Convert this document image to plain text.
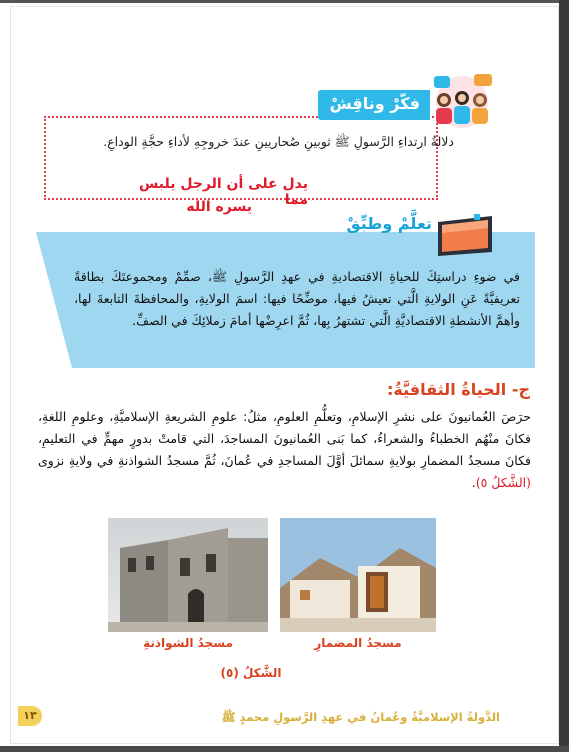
فكّرْ وناقِشْ
دلالةُ ارتداءِ الرَّسولِ ﷺ ثوبينِ صُحاريينِ عندَ خروجِهِ لأداءِ حجَّةِ الوداعِ.
يدل على أن الرجل يلبس مما
يسره الله
تعلَّمْ وطبِّقْ
في ضوءِ دراستِكَ للحياةِ الاقتصاديةِ في عهدِ الرَّسولِ ﷺ، صمِّمْ ومجموعتَكَ بطاقةً تعريفيَّةً عَنِ الولايةِ الَّتي تعيشُ فيها، موضِّحًا فيها: اسمَ الولايةِ، والمحافظةَ التابعةَ لها، وأهمَّ الأنشطةِ الاقتصاديَّةِ الَّتي تشتهرُ بِها، ثُمَّ اعرِضْها أمامَ زملائِكَ في الصفِّ.
ج- الحياةُ الثقافيَّةُ:
حرَصَ العُمانيونَ على نشرِ الإسلامِ، وتعلُّمِ العلومِ، مثلُ: علومِ الشريعةِ الإسلاميَّةِ، وعلومِ اللغةِ، فكانَ منْهُم الخطباءُ والشعراءُ، كما بَنى العُمانيونَ المساجدَ، التي قامتْ بدورٍ مهمٍّ في التعليمِ، فكانَ مسجدُ المضمارِ بولايةِ سمائلَ أوَّلَ المساجدِ في عُمانَ، ثُمَّ مسجدُ الشواذنةِ في ولايةِ نزوى (الشَّكلُ ٥).
مسجدُ الشواذنةِ	مسجدُ المضمارِ
الشَّكلُ (٥)
الدَّولةُ الإسلاميَّةُ وعُمانُ في عهدِ الرَّسولِ محمدٍ ﷺ
١٣
